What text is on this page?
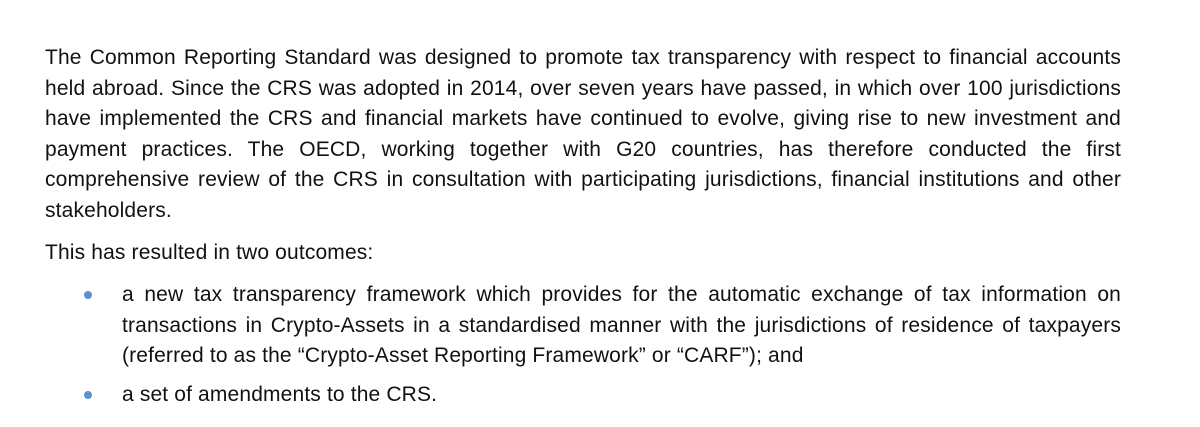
The Common Reporting Standard was designed to promote tax transparency with respect to financial accounts held abroad. Since the CRS was adopted in 2014, over seven years have passed, in which over 100 jurisdictions have implemented the CRS and financial markets have continued to evolve, giving rise to new investment and payment practices. The OECD, working together with G20 countries, has therefore conducted the first comprehensive review of the CRS in consultation with participating jurisdictions, financial institutions and other stakeholders.

This has resulted in two outcomes:

a new tax transparency framework which provides for the automatic exchange of tax information on transactions in Crypto-Assets in a standardised manner with the jurisdictions of residence of taxpayers (referred to as the “Crypto-Asset Reporting Framework” or “CARF”); and
a set of amendments to the CRS.
